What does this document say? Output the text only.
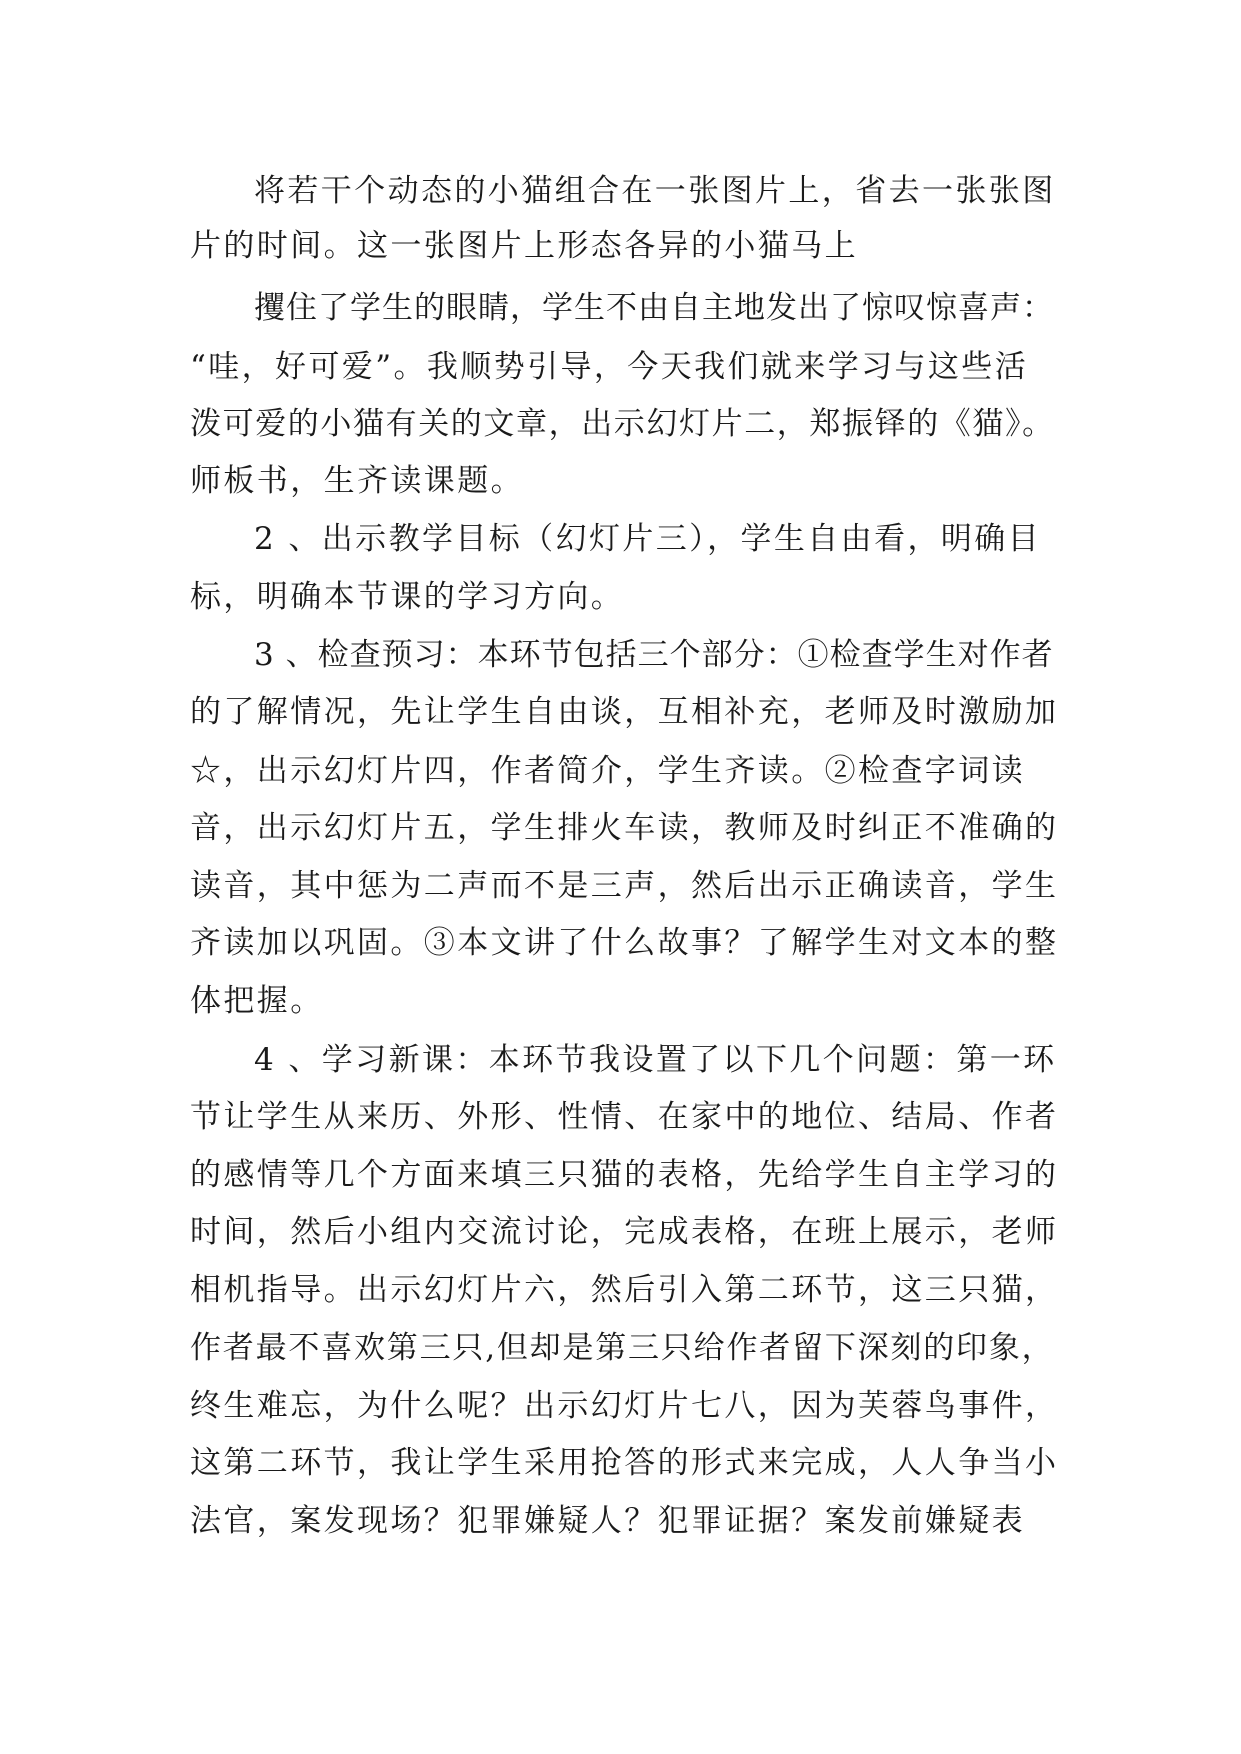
将若干个动态的小猫组合在一张图片上，省去一张张图

片的时间。这一张图片上形态各异的小猫马上

攫住了学生的眼睛，学生不由自主地发出了惊叹惊喜声：

“哇，好可爱”。我顺势引导，今天我们就来学习与这些活

泼可爱的小猫有关的文章，出示幻灯片二，郑振铎的《猫》。

师板书，生齐读课题。

2 、出示教学目标（幻灯片三），学生自由看，明确目

标，明确本节课的学习方向。

3 、检查预习：本环节包括三个部分：①检查学生对作者

的了解情况，先让学生自由谈，互相补充，老师及时激励加

☆，出示幻灯片四，作者简介，学生齐读。②检查字词读

音，出示幻灯片五，学生排火车读，教师及时纠正不准确的

读音，其中惩为二声而不是三声，然后出示正确读音，学生

齐读加以巩固。③本文讲了什么故事？了解学生对文本的整

体把握。

4 、学习新课：本环节我设置了以下几个问题：第一环

节让学生从来历、外形、性情、在家中的地位、结局、作者

的感情等几个方面来填三只猫的表格，先给学生自主学习的

时间，然后小组内交流讨论，完成表格，在班上展示，老师

相机指导。出示幻灯片六，然后引入第二环节，这三只猫，

作者最不喜欢第三只,但却是第三只给作者留下深刻的印象，

终生难忘，为什么呢？出示幻灯片七八，因为芙蓉鸟事件，

这第二环节，我让学生采用抢答的形式来完成，人人争当小

法官，案发现场？犯罪嫌疑人？犯罪证据？案发前嫌疑表
